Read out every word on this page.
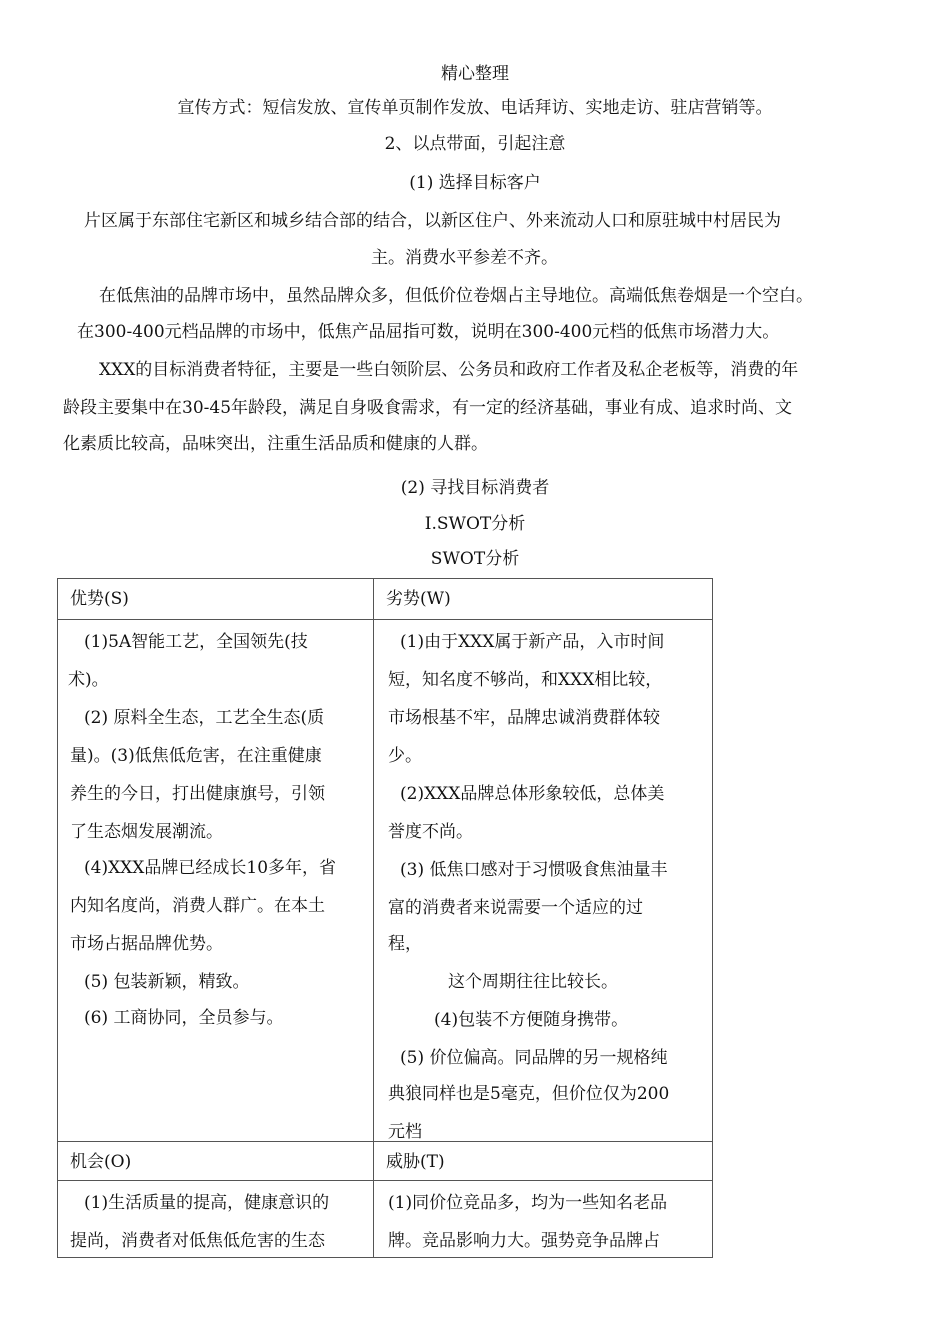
精心整理
宣传方式：短信发放、宣传单页制作发放、电话拜访、实地走访、驻店营销等。
2、以点带面，引起注意
(1) 选择目标客户
片区属于东部住宅新区和城乡结合部的结合，以新区住户、外来流动人口和原驻城中村居民为
主。消费水平参差不齐。
在低焦油的品牌市场中，虽然品牌众多，但低价位卷烟占主导地位。高端低焦卷烟是一个空白。
在300-400元档品牌的市场中，低焦产品屈指可数，说明在300-400元档的低焦市场潜力大。
XXX的目标消费者特征，主要是一些白领阶层、公务员和政府工作者及私企老板等，消费的年
龄段主要集中在30-45年龄段，满足自身吸食需求，有一定的经济基础，事业有成、追求时尚、文
化素质比较高，品味突出，注重生活品质和健康的人群。
(2) 寻找目标消费者
I.SWOT分析
SWOT分析
优势(S)	劣势(W)
(1)5A智能工艺，全国领先(技
术)。
(2) 原料全生态，工艺全生态(质
量)。(3)低焦低危害，在注重健康
养生的今日，打出健康旗号，引领
了生态烟发展潮流。
(4)XXX品牌已经成长10多年，省
内知名度尚，消费人群广。在本土
市场占据品牌优势。
(5) 包装新颖，精致。
(6) 工商协同，全员参与。
(1)由于XXX属于新产品，入市时间
短，知名度不够尚，和XXX相比较，
市场根基不牢，品牌忠诚消费群体较
少。
(2)XXX品牌总体形象较低，总体美
誉度不尚。
(3) 低焦口感对于习惯吸食焦油量丰
富的消费者来说需要一个适应的过
程，
这个周期往往比较长。
(4)包装不方便随身携带。
(5) 价位偏高。同品牌的另一规格纯
典狼同样也是5毫克，但价位仅为200
元档
机会(O)	威胁(T)
(1)生活质量的提高，健康意识的
提尚，消费者对低焦低危害的生态
(1)同价位竞品多，均为一些知名老品
牌。竞品影响力大。强势竞争品牌占
